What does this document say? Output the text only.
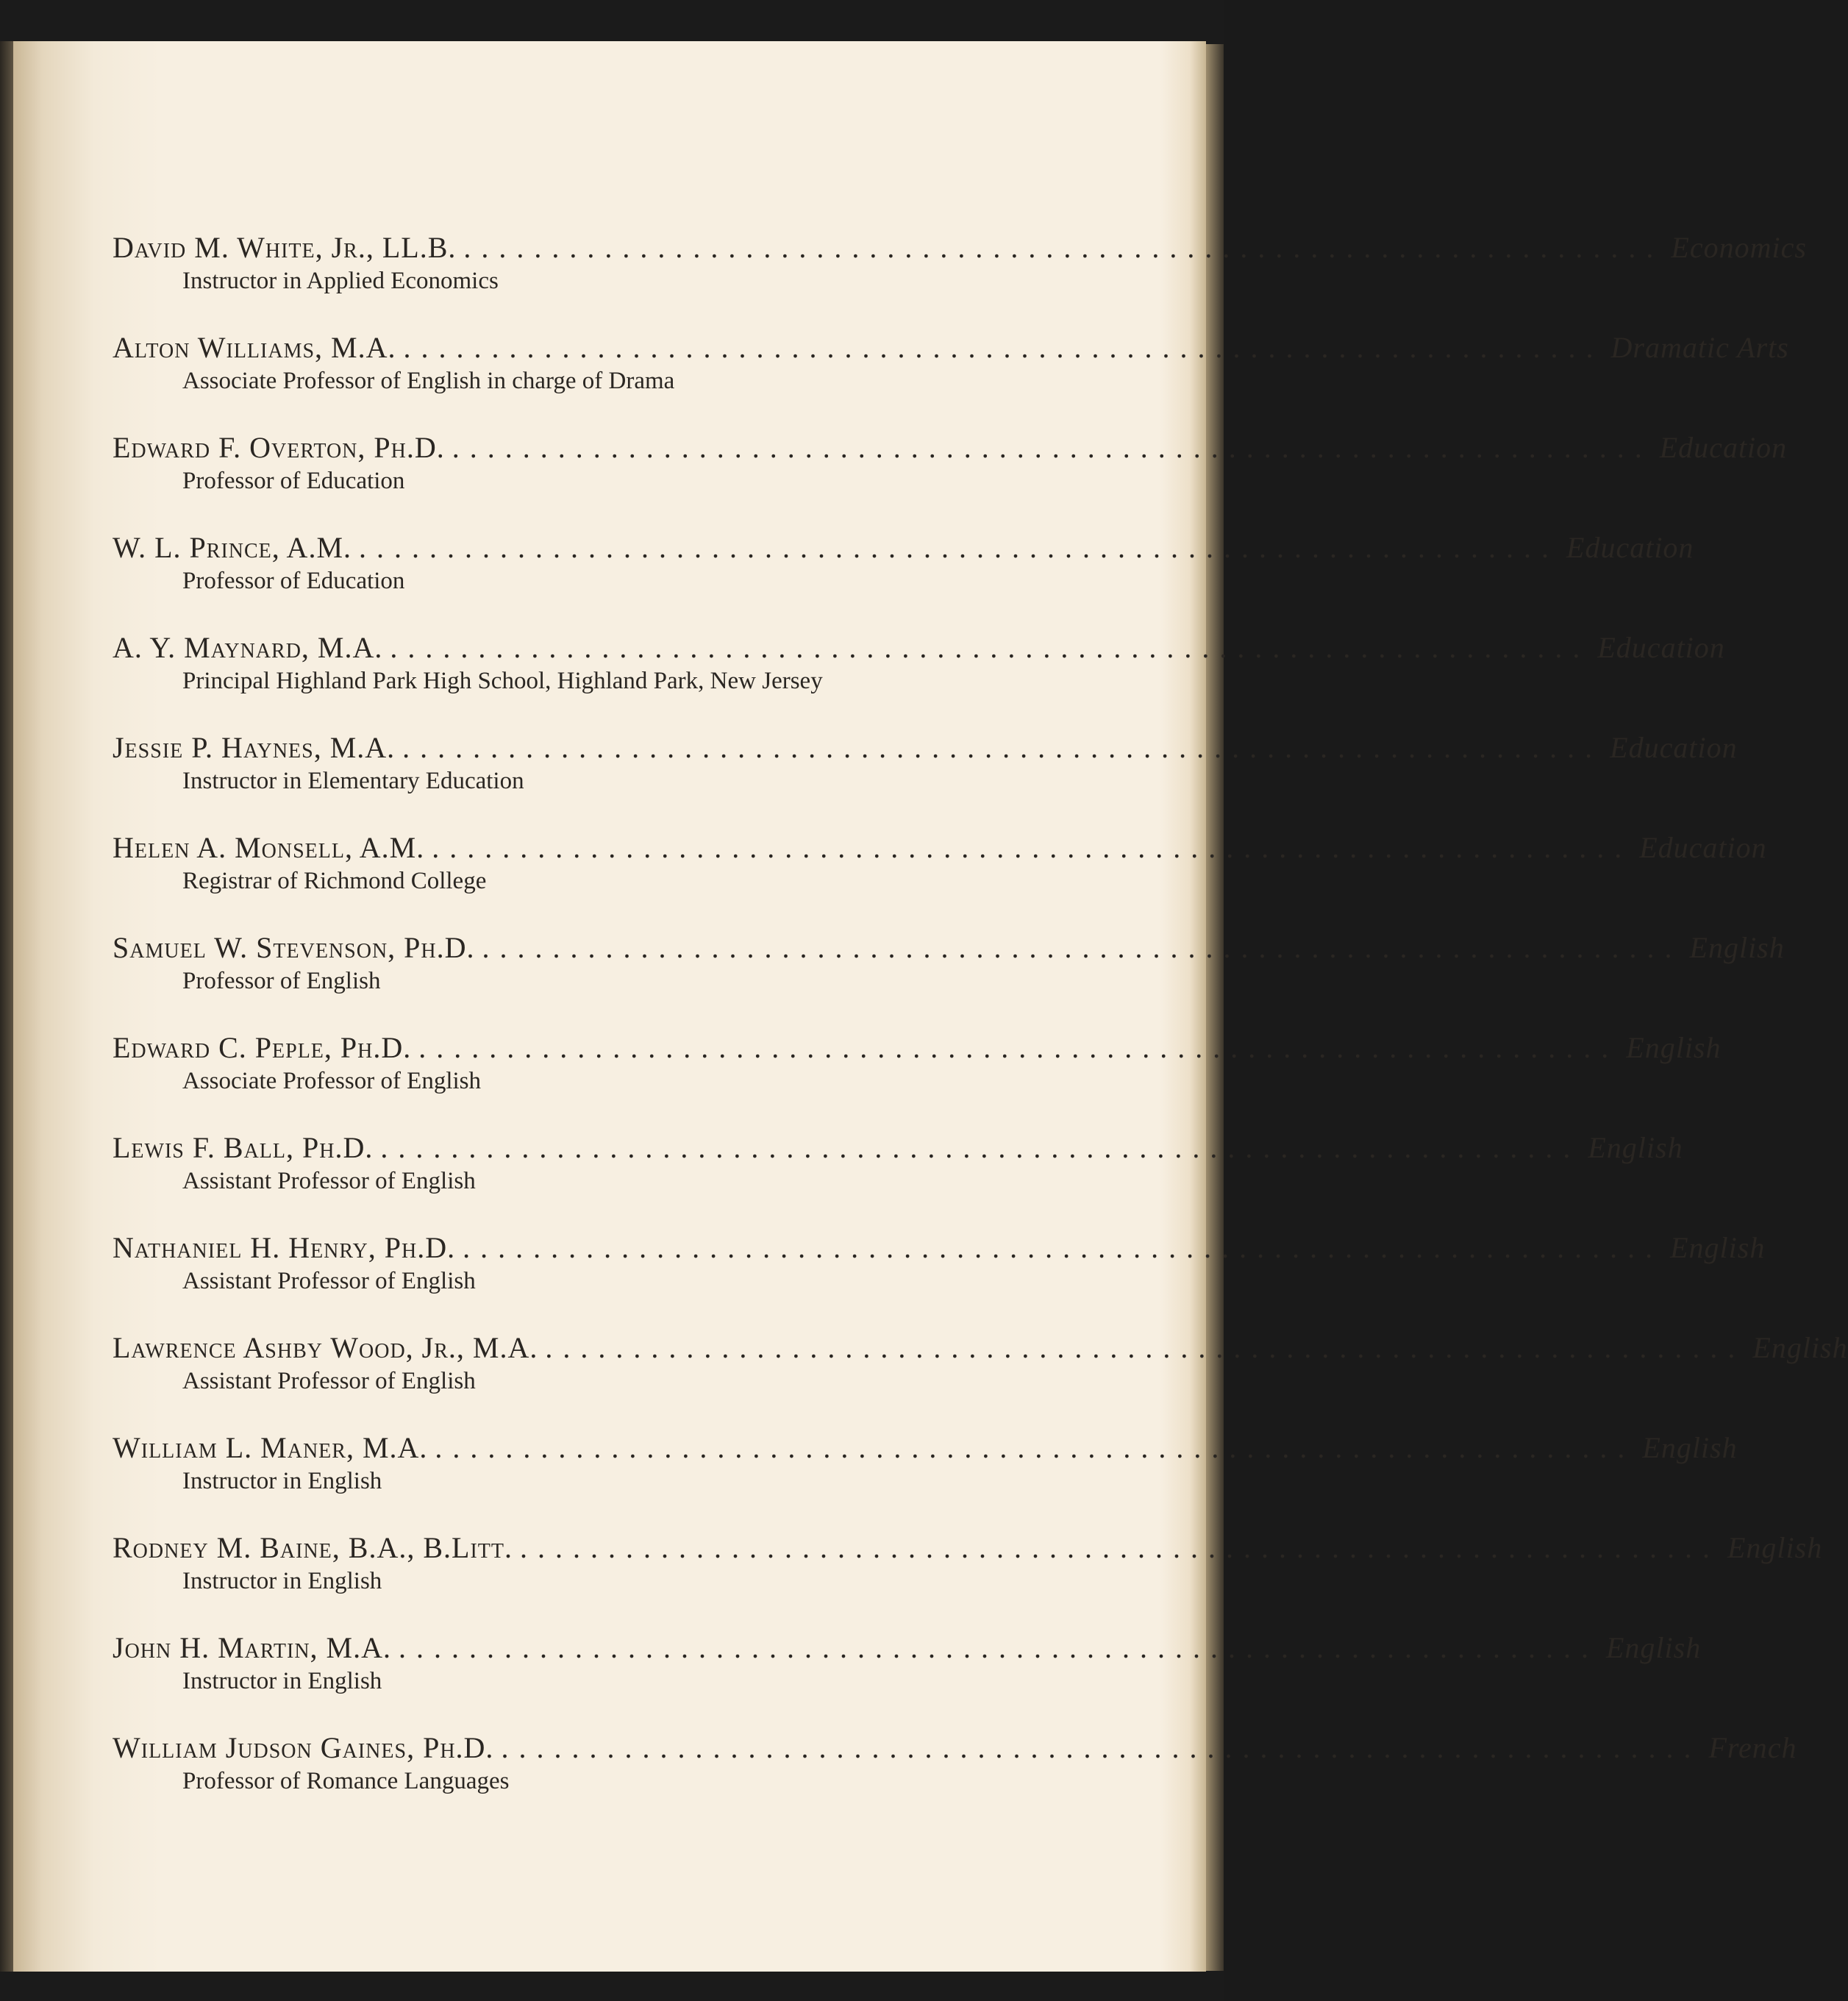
David M. White, Jr., LL.B. .................................................................... Economics
Instructor in Applied Economics
Alton Williams, M.A. .................................................................... Dramatic Arts
Associate Professor of English in charge of Drama
Edward F. Overton, Ph.D. .................................................................... Education
Professor of Education
W. L. Prince, A.M. .................................................................... Education
Professor of Education
A. Y. Maynard, M.A. .................................................................... Education
Principal Highland Park High School, Highland Park, New Jersey
Jessie P. Haynes, M.A. .................................................................... Education
Instructor in Elementary Education
Helen A. Monsell, A.M. .................................................................... Education
Registrar of Richmond College
Samuel W. Stevenson, Ph.D. .................................................................... English
Professor of English
Edward C. Peple, Ph.D. .................................................................... English
Associate Professor of English
Lewis F. Ball, Ph.D. .................................................................... English
Assistant Professor of English
Nathaniel H. Henry, Ph.D. .................................................................... English
Assistant Professor of English
Lawrence Ashby Wood, Jr., M.A. .................................................................... English
Assistant Professor of English
William L. Maner, M.A. .................................................................... English
Instructor in English
Rodney M. Baine, B.A., B.Litt. .................................................................... English
Instructor in English
John H. Martin, M.A. .................................................................... English
Instructor in English
William Judson Gaines, Ph.D. .................................................................... French
Professor of Romance Languages
